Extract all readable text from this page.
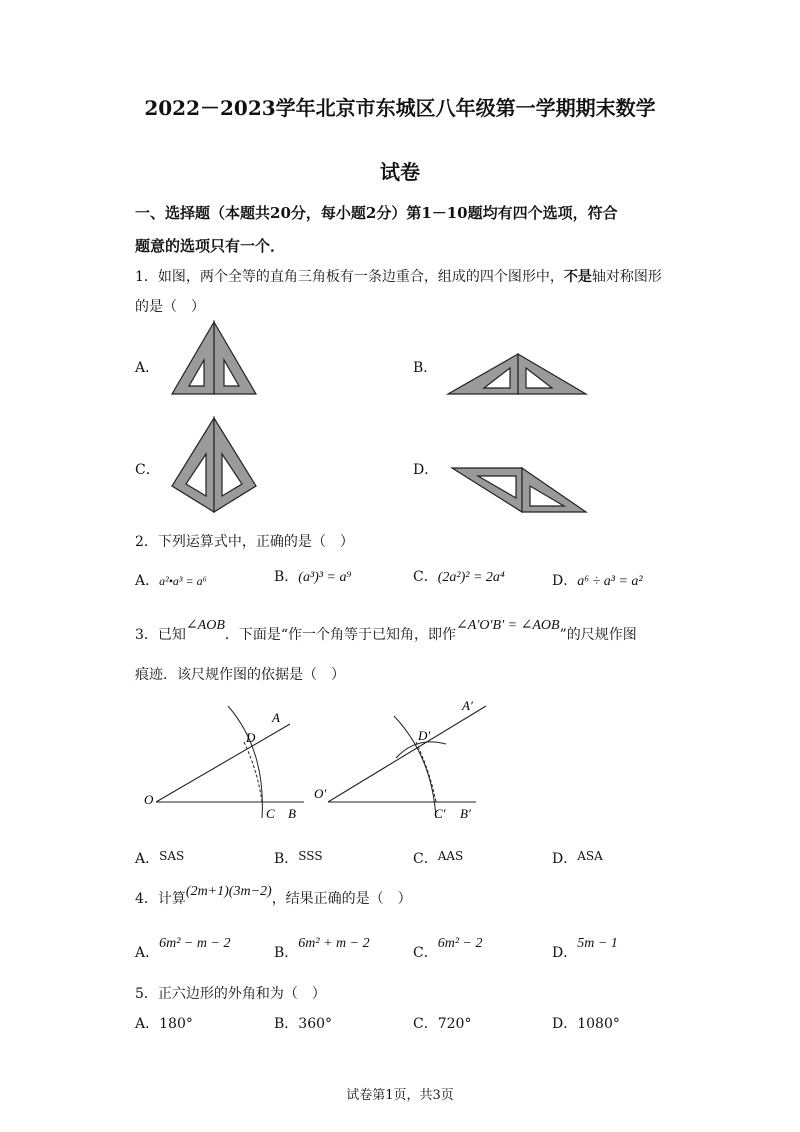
2022－2023学年北京市东城区八年级第一学期期末数学
试卷
一、选择题（本题共20分，每小题2分）第1－10题均有四个选项，符合
题意的选项只有一个．
1．如图，两个全等的直角三角板有一条边重合，组成的四个图形中，不是轴对称图形
的是（　）
A．	B．
C．	D．
2．下列运算式中，正确的是（　）
A．a²•a³ = a⁶	B．(a³)³ = a⁹	C．(2a²)² = 2a⁴	D．a⁶ ÷ a³ = a²
3．已知∠AOB．下面是“作一个角等于已知角，即作∠A′O′B′ = ∠AOB”的尺规作图
痕迹．该尺规作图的依据是（　）
A
D
O
C B
A′
D′
O′
C′ B′
A．SAS	B．SSS	C．AAS	D．ASA
4．计算(2m+1)(3m−2)，结果正确的是（　）
A．6m² − m − 2
B．6m² + m − 2
C．6m² − 2
D．5m − 1
5．正六边形的外角和为（　）
A．180°	B．360°	C．720°	D．1080°
试卷第1页，共3页
